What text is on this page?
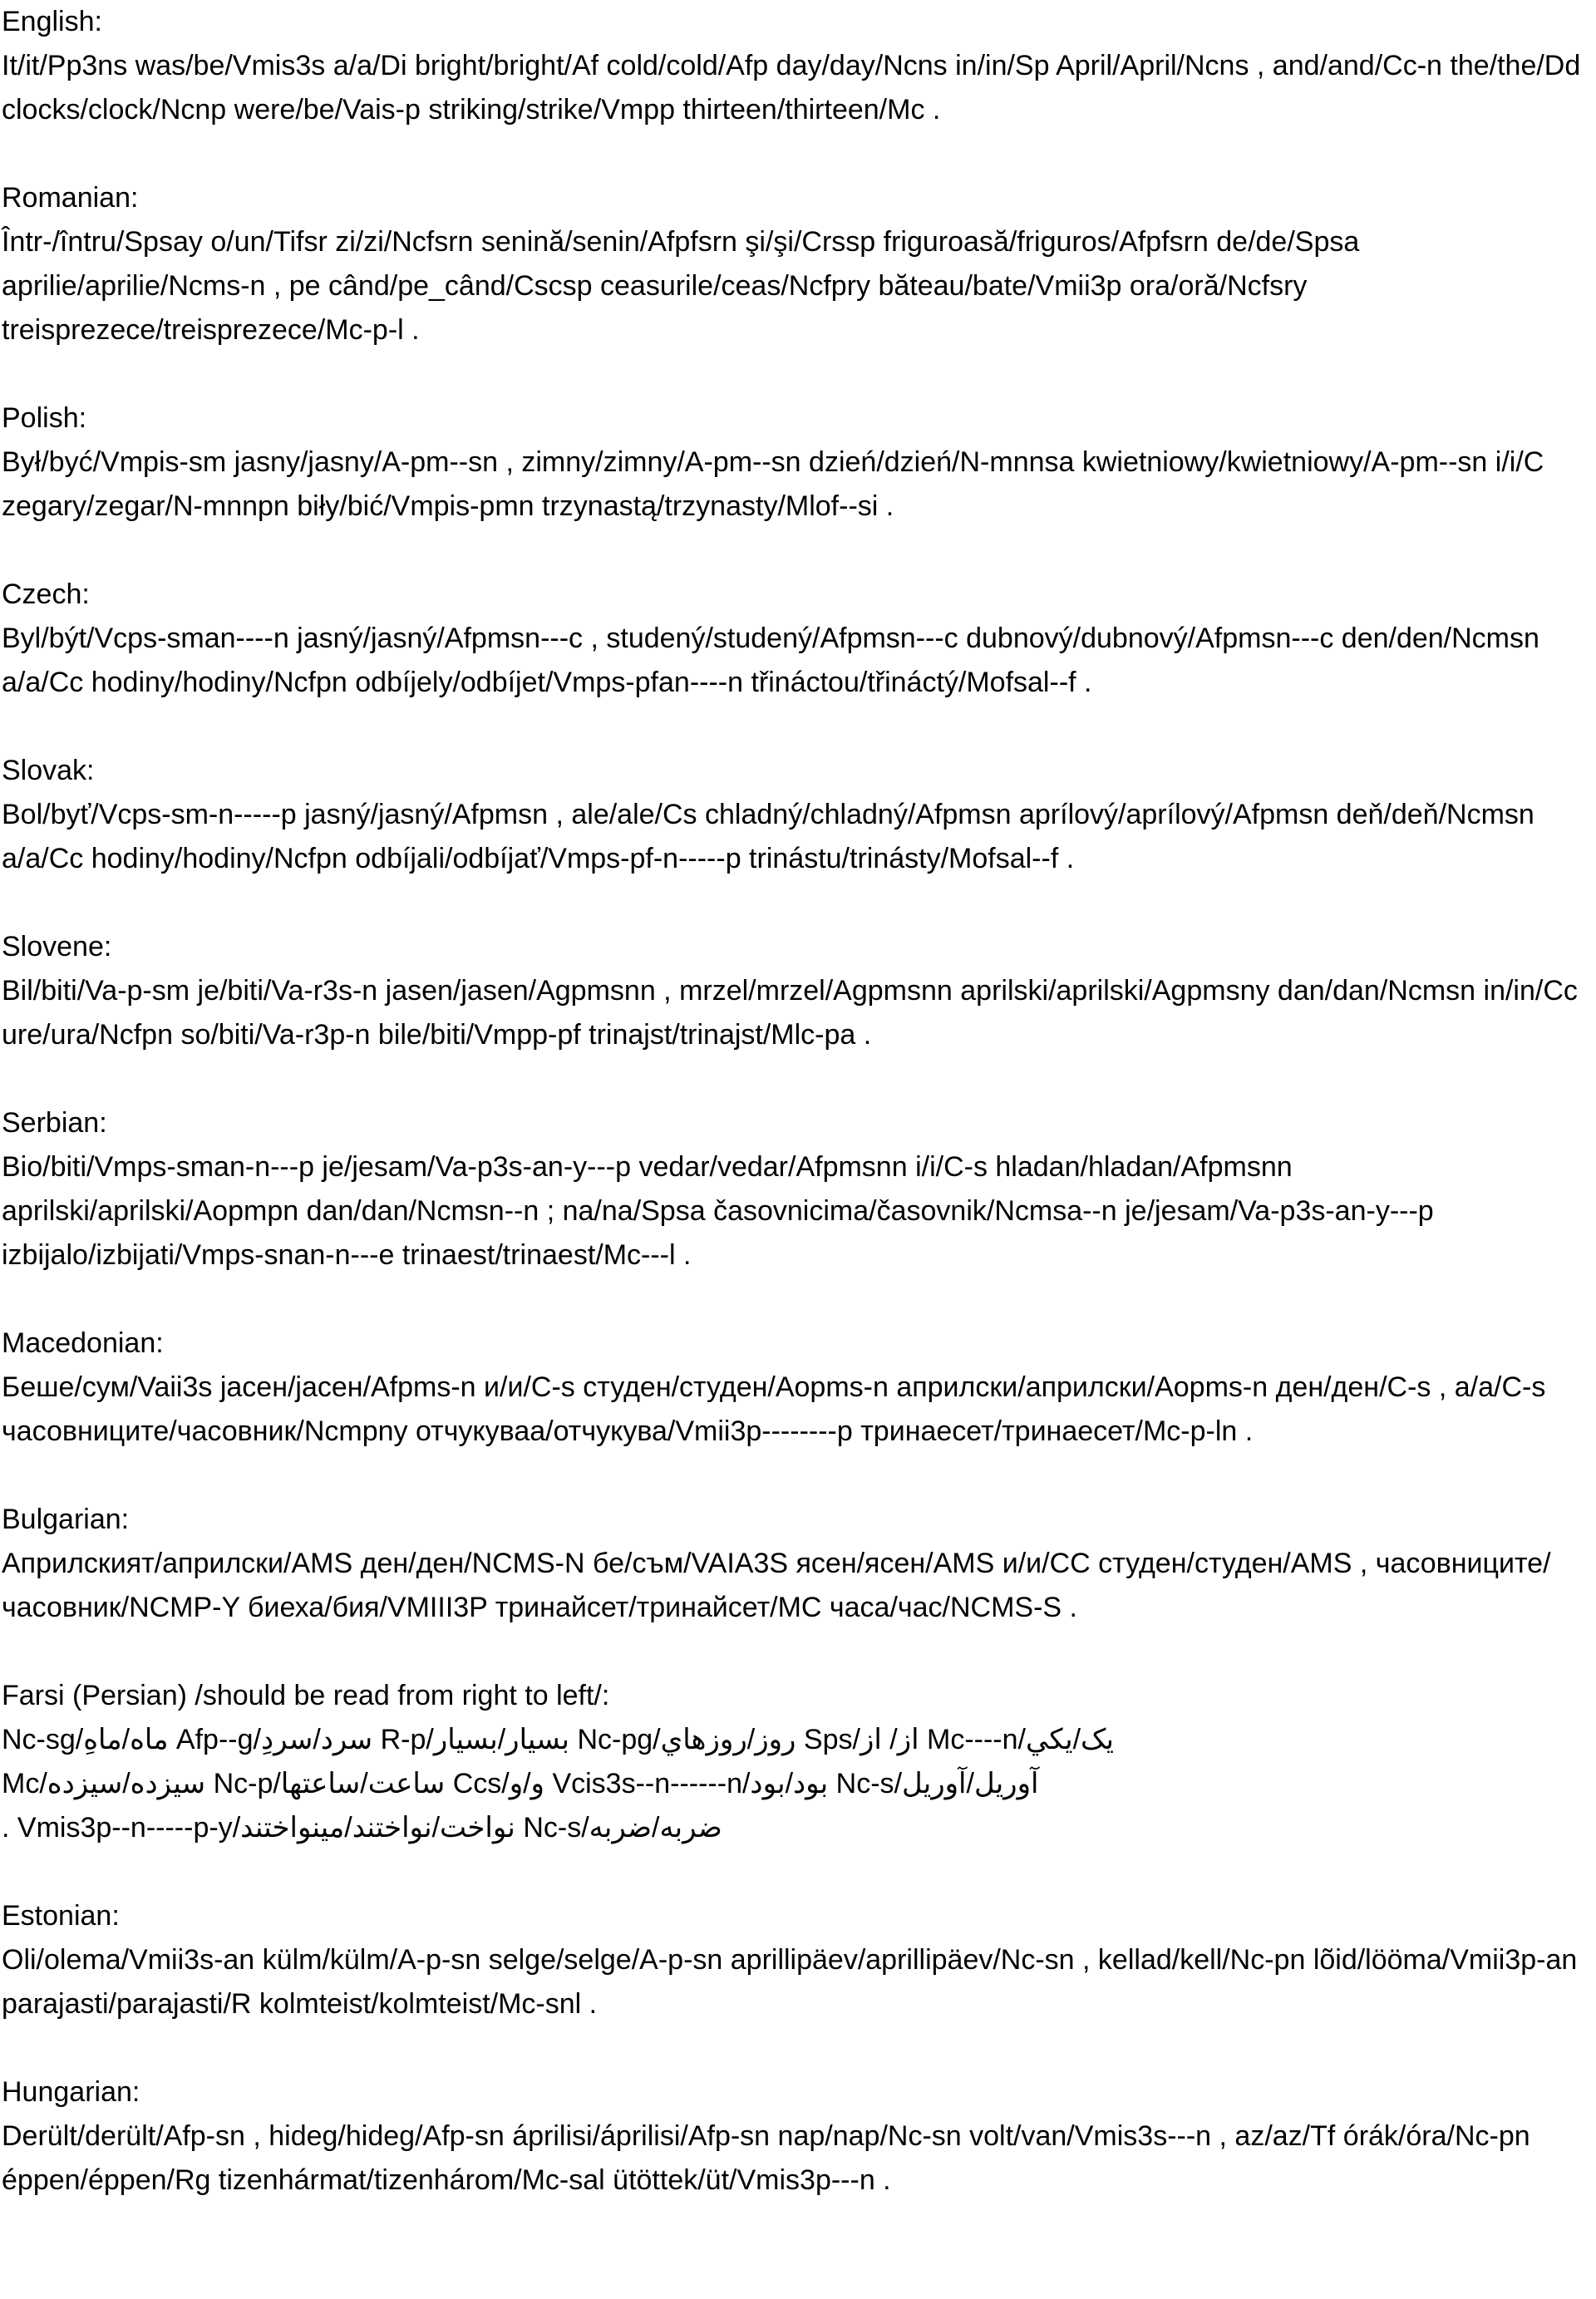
English:
It/it/Pp3ns was/be/Vmis3s a/a/Di bright/bright/Af cold/cold/Afp day/day/Ncns in/in/Sp April/April/Ncns , and/and/Cc-n the/the/Dd clocks/clock/Ncnp were/be/Vais-p striking/strike/Vmpp thirteen/thirteen/Mc .
Romanian:
Într-/întru/Spsay o/un/Tifsr zi/zi/Ncfsrn senină/senin/Afpfsrn şi/şi/Crssp friguroasă/friguros/Afpfsrn de/de/Spsa aprilie/aprilie/Ncms-n , pe când/pe_când/Cscsp ceasurile/ceas/Ncfpry băteau/bate/Vmii3p ora/oră/Ncfsry treisprezece/treisprezece/Mc-p-l .
Polish:
Był/być/Vmpis-sm jasny/jasny/A-pm--sn , zimny/zimny/A-pm--sn dzień/dzień/N-mnnsa kwietniowy/kwietniowy/A-pm--sn i/i/C zegary/zegar/N-mnnpn biły/bić/Vmpis-pmn trzynastą/trzynasty/Mlof--si .
Czech:
Byl/být/Vcps-sman----n jasný/jasný/Afpmsn---c , studený/studený/Afpmsn---c dubnový/dubnový/Afpmsn---c den/den/Ncmsn a/a/Cc hodiny/hodiny/Ncfpn odbíjely/odbíjet/Vmps-pfan----n třináctou/třináctý/Mofsal--f .
Slovak:
Bol/byť/Vcps-sm-n-----p jasný/jasný/Afpmsn , ale/ale/Cs chladný/chladný/Afpmsn aprílový/aprílový/Afpmsn deň/deň/Ncmsn a/a/Cc hodiny/hodiny/Ncfpn odbíjali/odbíjať/Vmps-pf-n-----p trinástu/trinásty/Mofsal--f .
Slovene:
Bil/biti/Va-p-sm je/biti/Va-r3s-n jasen/jasen/Agpmsnn , mrzel/mrzel/Agpmsnn aprilski/aprilski/Agpmsny dan/dan/Ncmsn in/in/Cc ure/ura/Ncfpn so/biti/Va-r3p-n bile/biti/Vmpp-pf trinajst/trinajst/Mlc-pa .
Serbian:
Bio/biti/Vmps-sman-n---p je/jesam/Va-p3s-an-y---p vedar/vedar/Afpmsnn i/i/C-s hladan/hladan/Afpmsnn aprilski/aprilski/Aopmpn dan/dan/Ncmsn--n ; na/na/Spsa časovnicima/časovnik/Ncmsa--n je/jesam/Va-p3s-an-y---p izbijalo/izbijati/Vmps-snan-n---e trinaest/trinaest/Mc---l .
Macedonian:
Беше/сум/Vaii3s јасен/јасен/Afpms-n и/и/C-s студен/студен/Aopms-n априлски/априлски/Aopms-n ден/ден/C-s , а/а/C-s часовниците/часовник/Ncmpny отчукуваа/отчукува/Vmii3p--------p тринаесет/тринаесет/Mc-p-ln .
Bulgarian:
Априлският/априлски/AMS ден/ден/NCMS-N бе/съм/VAIA3S ясен/ясен/AMS и/и/CC студен/студен/AMS , часовниците/часовник/NCMP-Y биеха/бия/VMIII3P тринайсет/тринайсет/MC часа/час/NCMS-S .
Farsi (Persian) /should be read from right to left/:
يک/يکي/Mc----n از/ از/Sps روز/روزهاي/Nc-pg بسيار/بسيار/R-p سرد/سردِ/Afp--g ماه/ماهِ/Nc-sg
آوريل/آوريل/Nc-s بود/بود/Vcis3s--n------n و/و/Ccs ساعت/ساعتها/Nc-p سيزده/سيزده/Mc
ضربه/ضربه/Nc-s نواخت/نواختند/مينواختند/Vmis3p--n-----p-y .
Estonian:
Oli/olema/Vmii3s-an külm/külm/A-p-sn selge/selge/A-p-sn aprillipäev/aprillipäev/Nc-sn , kellad/kell/Nc-pn lõid/lööma/Vmii3p-an parajasti/parajasti/R kolmteist/kolmteist/Mc-snl .
Hungarian:
Derült/derült/Afp-sn , hideg/hideg/Afp-sn áprilisi/áprilisi/Afp-sn nap/nap/Nc-sn volt/van/Vmis3s---n , az/az/Tf órák/óra/Nc-pn éppen/éppen/Rg tizenhármat/tizenhárom/Mc-sal ütöttek/üt/Vmis3p---n .
